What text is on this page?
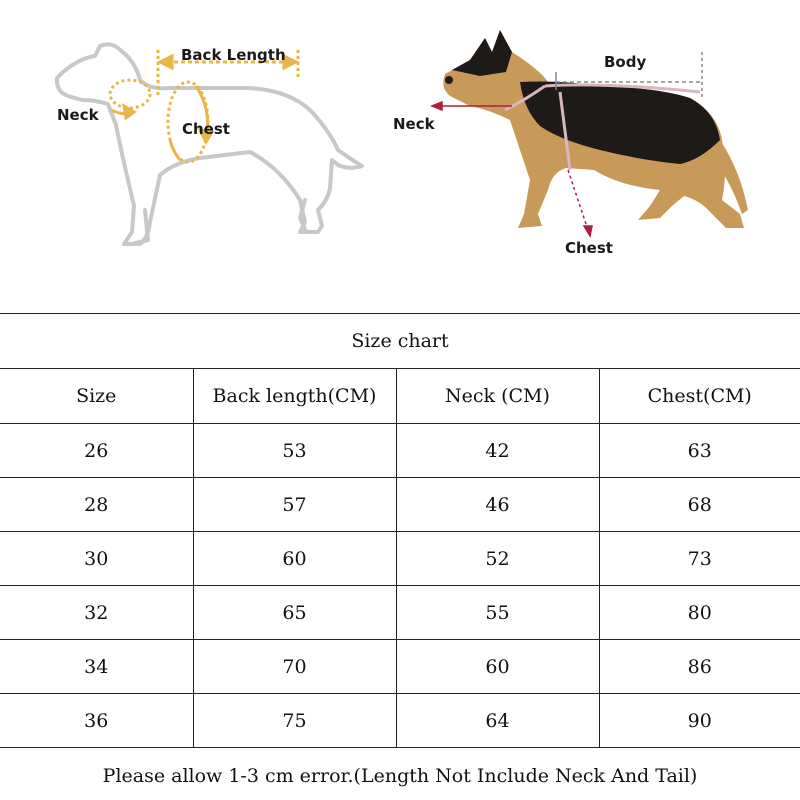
Back Length
Neck
Chest
Body
Neck
Chest
Size chart			
Size	Back length(CM)	Neck (CM)	Chest(CM)
26	53	42	63
28	57	46	68
30	60	52	73
32	65	55	80
34	70	60	86
36	75	64	90
Please allow 1-3 cm error.(Length Not Include Neck And Tail)
